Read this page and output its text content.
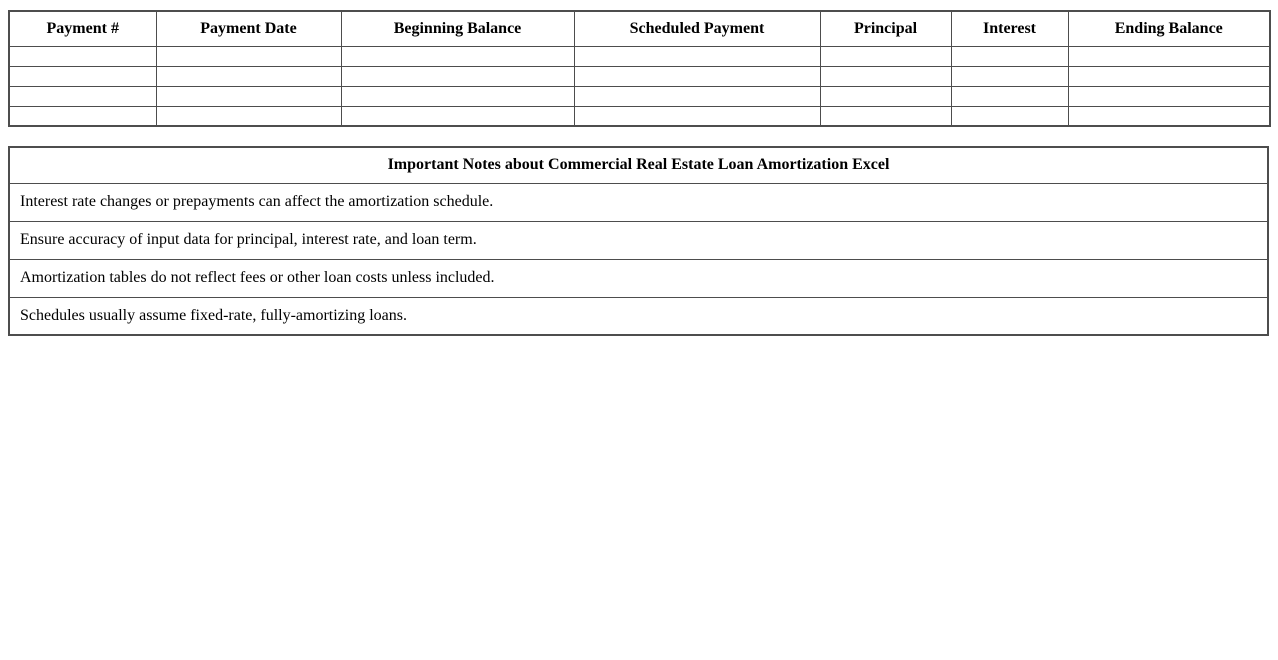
Payment #	Payment Date	Beginning Balance	Scheduled Payment	Principal	Interest	Ending Balance

Important Notes about Commercial Real Estate Loan Amortization Excel
Interest rate changes or prepayments can affect the amortization schedule.
Ensure accuracy of input data for principal, interest rate, and loan term.
Amortization tables do not reflect fees or other loan costs unless included.
Schedules usually assume fixed-rate, fully-amortizing loans.
